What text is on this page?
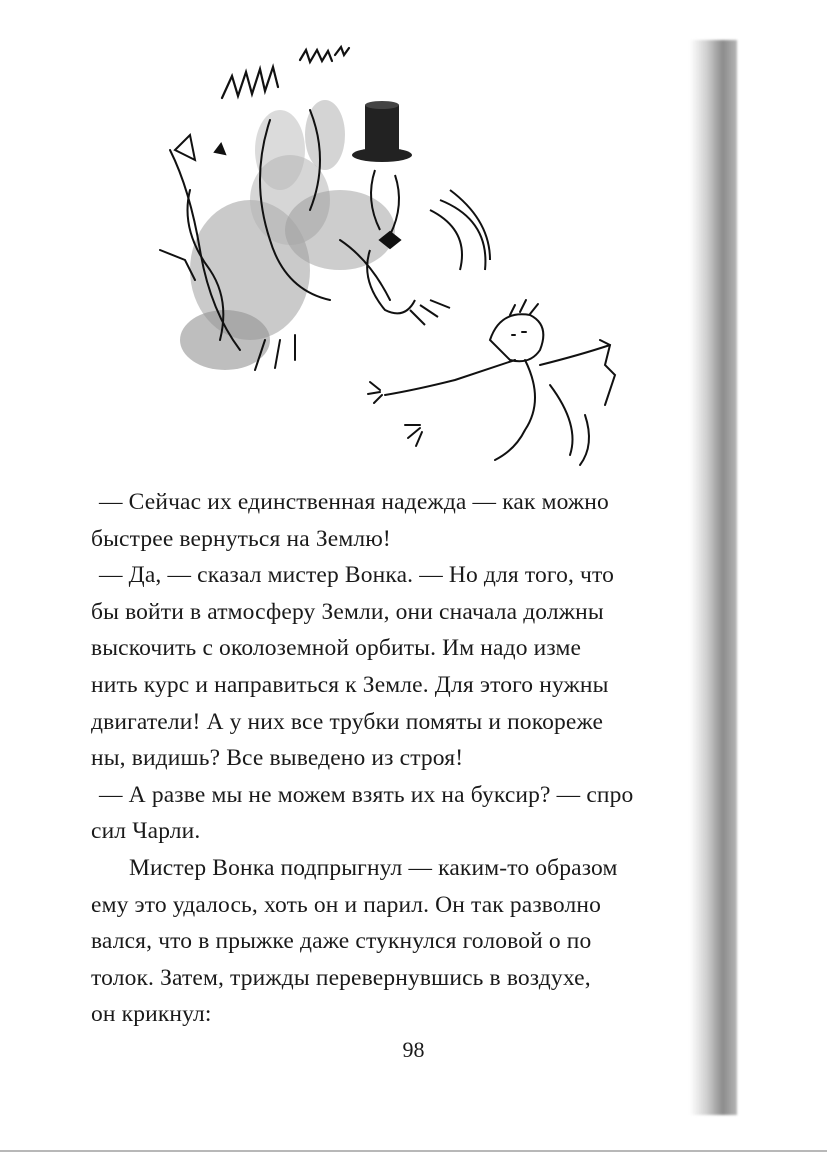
— Сейчас их единственная надежда — как можно
быстрее вернуться на Землю!
— Да, — сказал мистер Вонка. — Но для того, что
бы войти в атмосферу Земли, они сначала должны
выскочить с околоземной орбиты. Им надо изме
нить курс и направиться к Земле. Для этого нужны
двигатели! А у них все трубки помяты и покореже
ны, видишь? Все выведено из строя!
— А разве мы не можем взять их на буксир? — спро
сил Чарли.
Мистер Вонка подпрыгнул — каким-то образом
ему это удалось, хоть он и парил. Он так разволно
вался, что в прыжке даже стукнулся головой о по
толок. Затем, трижды перевернувшись в воздухе,
он крикнул:
98
